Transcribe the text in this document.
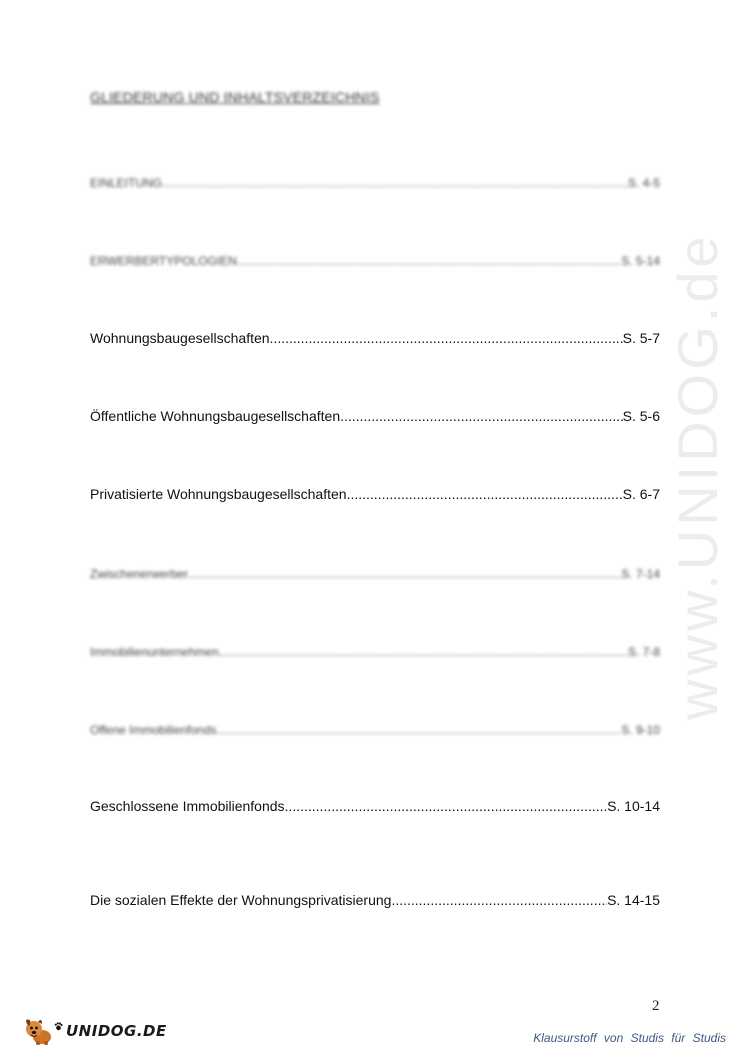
GLIEDERUNG UND INHALTSVERZEICHNIS
EINLEITUNG .....	S. 4-5
ERWERBERTYPOLOGIEN .....	S. 5-14
Wohnungsbaugesellschaften .....	S. 5-7
Öffentliche Wohnungsbaugesellschaften .....	S. 5-6
Privatisierte Wohnungsbaugesellschaften .....	S. 6-7
Zwischenerwerber .....	S. 7-14
Immobilienunternehmen .....	S. 7-8
Offene Immobilienfonds .....	S. 9-10
Geschlossene Immobilienfonds .....	S. 10-14
Die sozialen Effekte der Wohnungsprivatisierung .....	S. 14-15
www.UNIDOG.de
2
UNIDOG.DE	Klausurstoff von Studis für Studis
